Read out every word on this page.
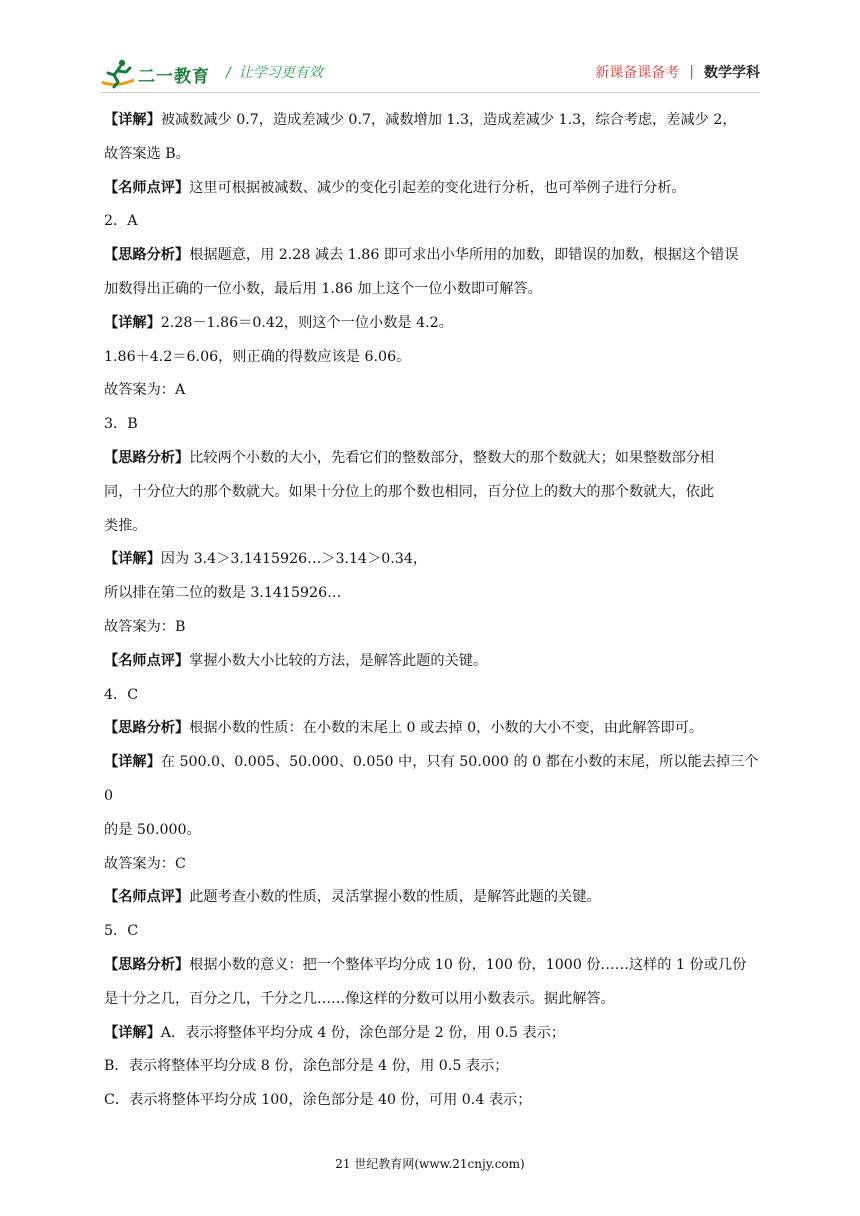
二一教育 / 让学习更有效	新课备课备考 | 数学学科

【详解】被减数减少 0.7，造成差减少 0.7，减数增加 1.3，造成差减少 1.3，综合考虑，差减少 2，

故答案选 B。

【名师点评】这里可根据被减数、减少的变化引起差的变化进行分析，也可举例子进行分析。

2．A

【思路分析】根据题意，用 2.28 减去 1.86 即可求出小华所用的加数，即错误的加数，根据这个错误

加数得出正确的一位小数，最后用 1.86 加上这个一位小数即可解答。

【详解】2.28－1.86＝0.42，则这个一位小数是 4.2。

1.86＋4.2＝6.06，则正确的得数应该是 6.06。

故答案为：A

3．B

【思路分析】比较两个小数的大小，先看它们的整数部分，整数大的那个数就大；如果整数部分相

同，十分位大的那个数就大。如果十分位上的那个数也相同，百分位上的数大的那个数就大，依此

类推。

【详解】因为 3.4＞3.1415926…＞3.14＞0.34，

所以排在第二位的数是 3.1415926…

故答案为：B

【名师点评】掌握小数大小比较的方法，是解答此题的关键。

4．C

【思路分析】根据小数的性质：在小数的末尾上 0 或去掉 0，小数的大小不变，由此解答即可。

【详解】在 500.0、0.005、50.000、0.050 中，只有 50.000 的 0 都在小数的末尾，所以能去掉三个 0

的是 50.000。

故答案为：C

【名师点评】此题考查小数的性质，灵活掌握小数的性质，是解答此题的关键。

5．C

【思路分析】根据小数的意义：把一个整体平均分成 10 份，100 份，1000 份……这样的 1 份或几份

是十分之几，百分之几，千分之几……像这样的分数可以用小数表示。据此解答。

【详解】A．表示将整体平均分成 4 份，涂色部分是 2 份，用 0.5 表示；

B．表示将整体平均分成 8 份，涂色部分是 4 份，用 0.5 表示；

C．表示将整体平均分成 100，涂色部分是 40 份，可用 0.4 表示；

21 世纪教育网(www.21cnjy.com)
